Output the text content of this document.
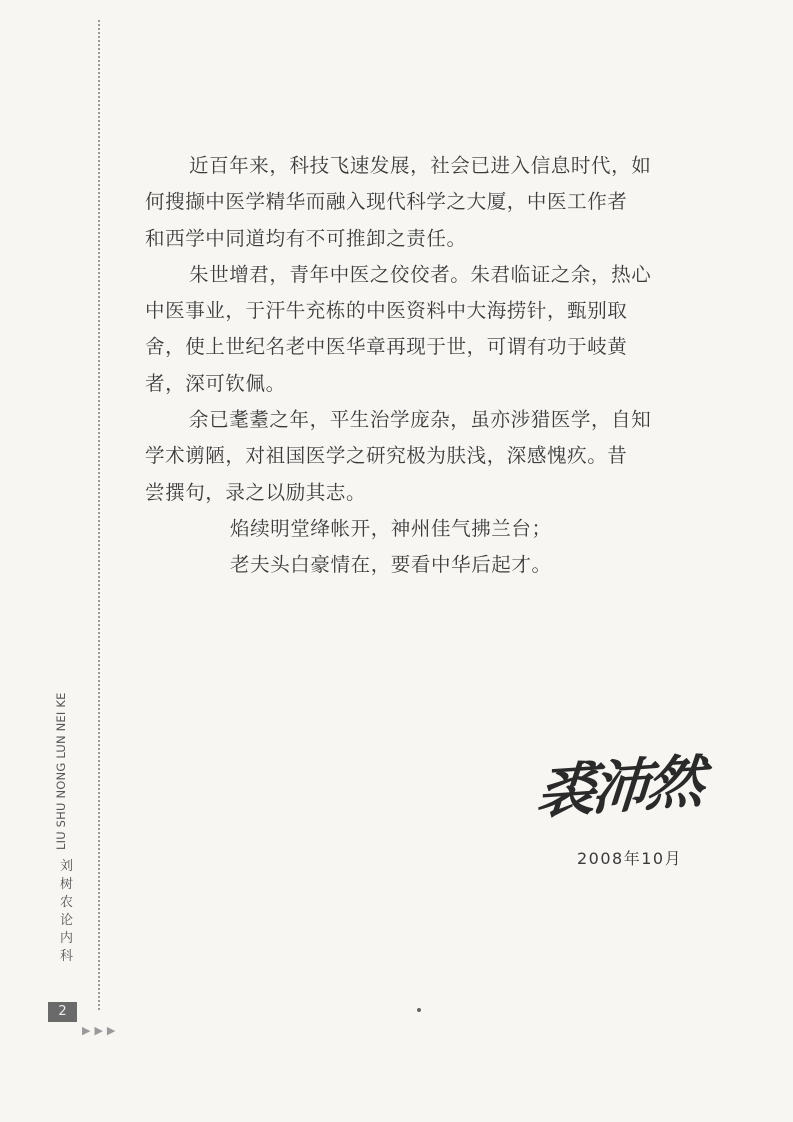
近百年来，科技飞速发展，社会已进入信息时代，如
何搜撷中医学精华而融入现代科学之大厦，中医工作者
和西学中同道均有不可推卸之责任。
朱世增君，青年中医之佼佼者。朱君临证之余，热心
中医事业，于汗牛充栋的中医资料中大海捞针，甄别取
舍，使上世纪名老中医华章再现于世，可谓有功于岐黄
者，深可钦佩。
余已耄耋之年，平生治学庞杂，虽亦涉猎医学，自知
学术谫陋，对祖国医学之研究极为肤浅，深感愧疚。昔
尝撰句，录之以励其志。
焰续明堂绛帐开，神州佳气拂兰台；
老夫头白豪情在，要看中华后起才。
裘沛然
2008年10月
LIU SHU NONG LUN NEI KE
刘树农论内科
2
▶▶▶
